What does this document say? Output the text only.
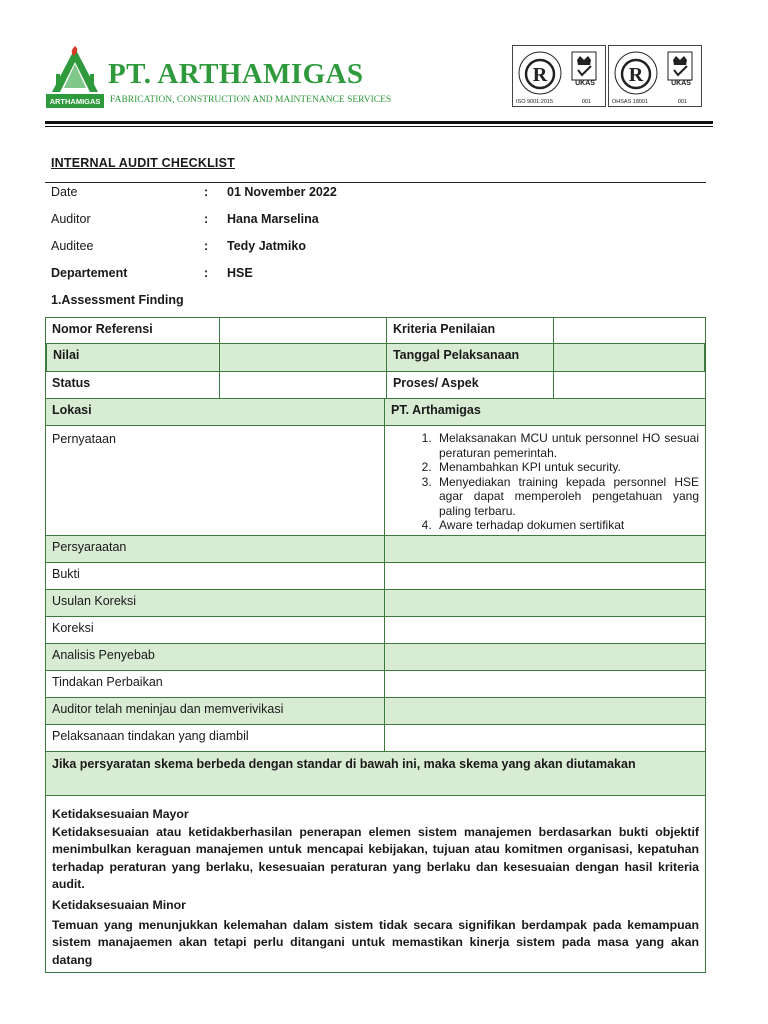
ARTHAMIGAS
PT. ARTHAMIGAS
FABRICATION, CONSTRUCTION AND MAINTENANCE SERVICES
R	UKAS
ISO 9001:2015	001
R	UKAS
OHSAS 18001	001
INTERNAL AUDIT CHECKLIST
Date	: 01 November 2022
Auditor	: Hana Marselina
Auditee	: Tedy Jatmiko
Departement	: HSE
1.Assessment Finding
Nomor Referensi	Kriteria Penilaian
Nilai	Tanggal Pelaksanaan
Status	Proses/ Aspek
Lokasi	PT. Arthamigas
Pernyataan
1.	Melaksanakan MCU untuk personnel HO sesuai peraturan pemerintah.
2. Menambahkan KPI untuk security.
3. Menyediakan training kepada personnel HSE agar dapat memperoleh pengetahuan yang paling terbaru.
4. Aware terhadap dokumen sertifikat
Persyaraatan
Bukti
Usulan Koreksi
Koreksi
Analisis Penyebab
Tindakan Perbaikan
Auditor telah meninjau dan memverivikasi
Pelaksanaan tindakan yang diambil
Jika persyaratan skema berbeda dengan standar di bawah ini, maka skema yang akan diutamakan
Ketidaksesuaian Mayor

Ketidaksesuaian atau ketidakberhasilan penerapan elemen sistem manajemen berdasarkan bukti objektif menimbulkan keraguan manajemen untuk mencapai kebijakan, tujuan atau komitmen organisasi, kepatuhan terhadap peraturan yang berlaku, kesesuaian peraturan yang berlaku dan kesesuaian dengan hasil kriteria audit.

Ketidaksesuaian Minor

Temuan yang menunjukkan kelemahan dalam sistem tidak secara signifikan berdampak pada kemampuan sistem manajaemen akan tetapi perlu ditangani untuk memastikan kinerja sistem pada masa yang akan datang
